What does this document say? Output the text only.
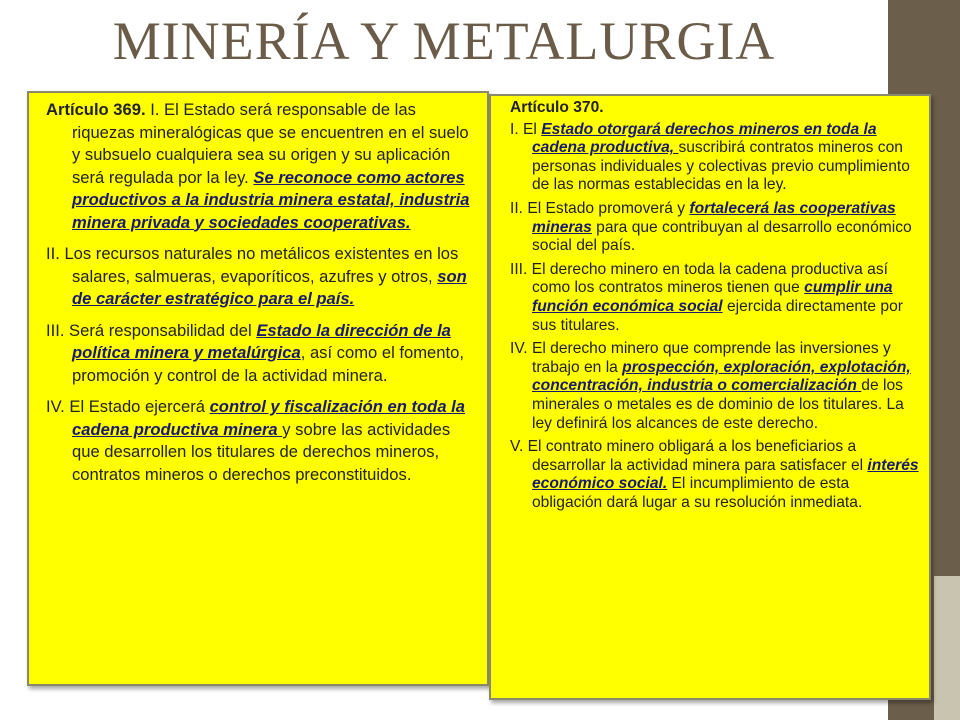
MINERÍA Y METALURGIA

Artículo 369. I. El Estado será responsable de las riquezas mineralógicas que se encuentren en el suelo y subsuelo cualquiera sea su origen y su aplicación será regulada por la ley. Se reconoce como actores productivos a la industria minera estatal, industria minera privada y sociedades cooperativas.

II. Los recursos naturales no metálicos existentes en los salares, salmueras, evaporíticos, azufres y otros, son de carácter estratégico para el país.

III. Será responsabilidad del Estado la dirección de la política minera y metalúrgica, así como el fomento, promoción y control de la actividad minera.

IV. El Estado ejercerá control y fiscalización en toda la cadena productiva minera y sobre las actividades que desarrollen los titulares de derechos mineros, contratos mineros o derechos preconstituidos.

Artículo 370.

I. El Estado otorgará derechos mineros en toda la cadena productiva, suscribirá contratos mineros con personas individuales y colectivas previo cumplimiento de las normas establecidas en la ley.

II. El Estado promoverá y fortalecerá las cooperativas mineras para que contribuyan al desarrollo económico social del país.

III. El derecho minero en toda la cadena productiva así como los contratos mineros tienen que cumplir una función económica social ejercida directamente por sus titulares.

IV. El derecho minero que comprende las inversiones y trabajo en la prospección, exploración, explotación, concentración, industria o comercialización de los minerales o metales es de dominio de los titulares. La ley definirá los alcances de este derecho.

V. El contrato minero obligará a los beneficiarios a desarrollar la actividad minera para satisfacer el interés económico social. El incumplimiento de esta obligación dará lugar a su resolución inmediata.
